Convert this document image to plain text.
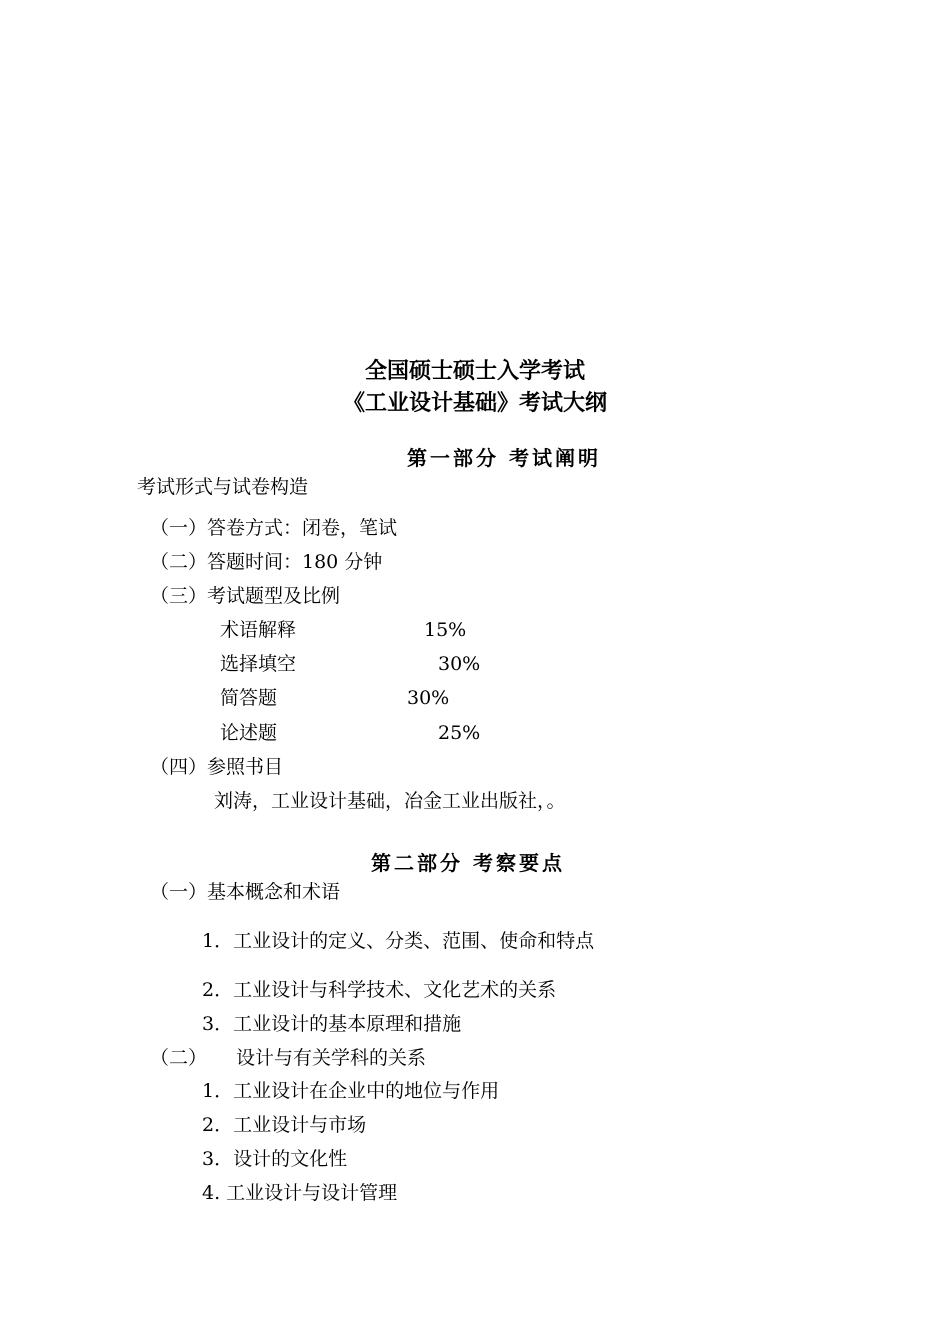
全国硕士硕士入学考试
《工业设计基础》考试大纲
第一部分 考试阐明
考试形式与试卷构造
（一）答卷方式：闭卷，笔试
（二）答题时间：180 分钟
（三）考试题型及比例
术语解释	15%
选择填空	30%
简答题	30%
论述题	25%
（四）参照书目
刘涛，工业设计基础，冶金工业出版社，。
第二部分 考察要点
（一）基本概念和术语
1．工业设计的定义、分类、范围、使命和特点
2．工业设计与科学技术、文化艺术的关系
3．工业设计的基本原理和措施
（二） 设计与有关学科的关系
1．工业设计在企业中的地位与作用
2．工业设计与市场
3．设计的文化性
4. 工业设计与设计管理
